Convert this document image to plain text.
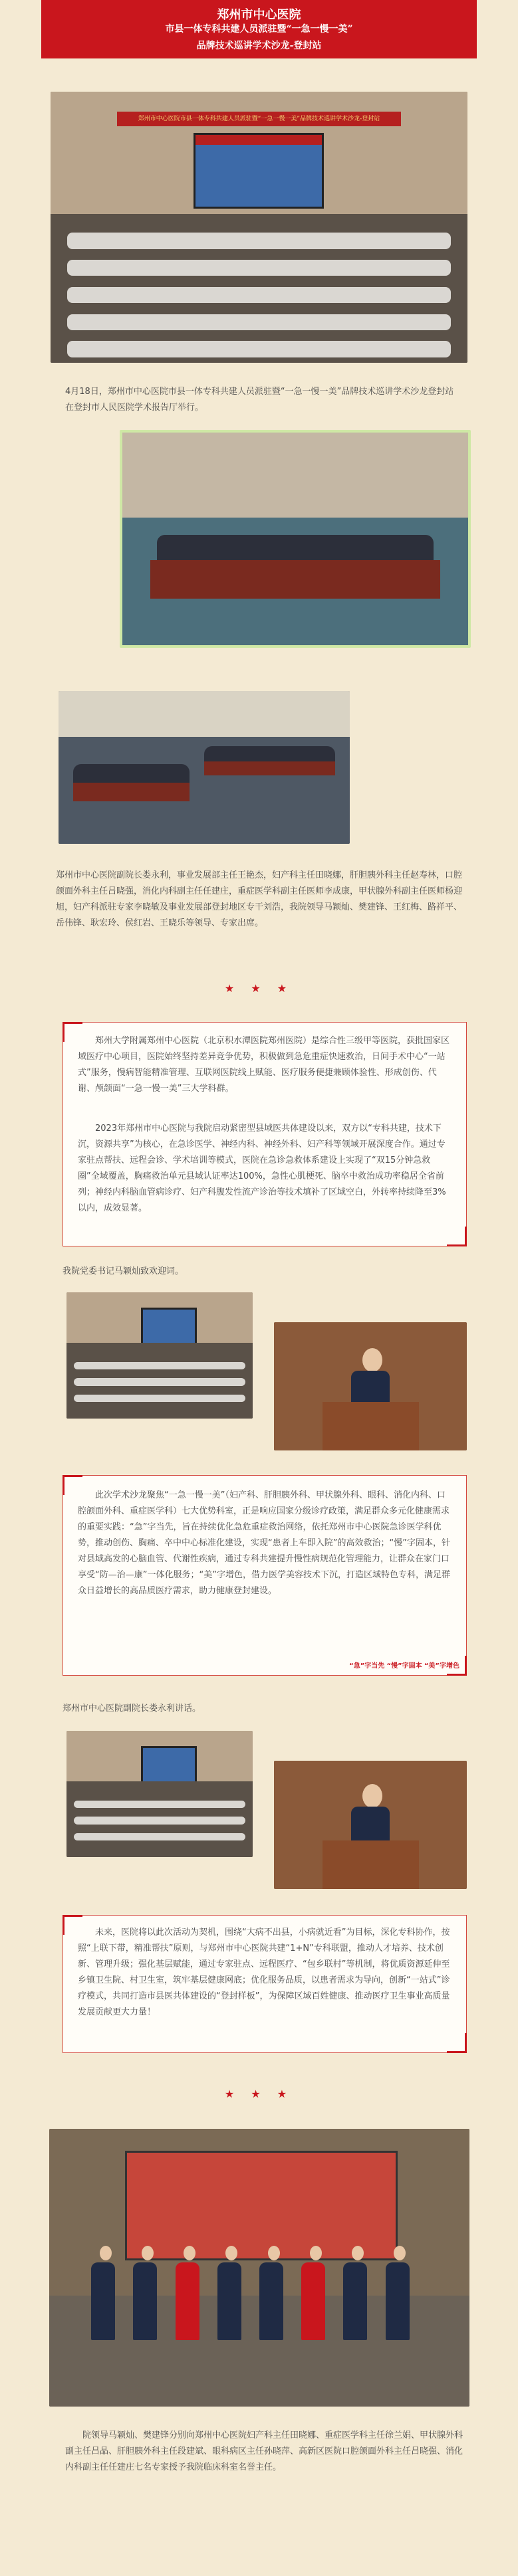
郑州市中心医院
市县一体专科共建人员派驻暨“一急一慢一美”
品牌技术巡讲学术沙龙-登封站
郑州市中心医院市县一体专科共建人员派驻暨“一急一慢一美”品牌技术巡讲学术沙龙-登封站
4月18日，郑州市中心医院市县一体专科共建人员派驻暨“一急一慢一美”品牌技术巡讲学术沙龙登封站在登封市人民医院学术报告厅举行。
郑州市中心医院副院长娄永利，事业发展部主任王艳杰，妇产科主任田晓娜，肝胆胰外科主任赵寿林，口腔颌面外科主任吕晓强，消化内科副主任任建庄，重症医学科副主任医师李成康，甲状腺外科副主任医师杨迎旭，妇产科派驻专家李晓敏及事业发展部登封地区专干刘浩，我院领导马颖灿、樊建锋、王红梅、路祥平、岳伟锋、耿宏玲、侯红岩、王晓乐等领导、专家出席。
★ ★ ★
郑州大学附属郑州中心医院（北京积水潭医院郑州医院）是综合性三级甲等医院，获批国家区域医疗中心项目，医院始终坚持差异竞争优势，积极做到急危重症快速救治，日间手术中心“一站式”服务，慢病智能精准管理、互联网医院线上赋能、医疗服务便捷兼顾体验性、形成创伤、代谢、颅颌面“一急一慢一美”三大学科群。
2023年郑州市中心医院与我院启动紧密型县域医共体建设以来，双方以“专科共建，技术下沉，资源共享”为核心，在急诊医学、神经内科、神经外科、妇产科等领域开展深度合作。通过专家驻点帮扶、远程会诊、学术培训等模式，医院在急诊急救体系建设上实现了“双15分钟急救圈”全域覆盖，胸痛救治单元县域认证率达100%，急性心肌梗死、脑卒中救治成功率稳居全省前列；神经内科脑血管病诊疗、妇产科腹发性流产诊治等技术填补了区域空白，外转率持续降至3%以内，成效显著。
我院党委书记马颖灿致欢迎词。
此次学术沙龙聚焦“一急一慢一美”（妇产科、肝胆胰外科、甲状腺外科、眼科、消化内科、口腔颌面外科、重症医学科）七大优势科室，正是响应国家分级诊疗政策，满足群众多元化健康需求的重要实践：“急”字当先，旨在持续优化急危重症救治网络，依托郑州市中心医院急诊医学科优势，推动创伤、胸痛、卒中中心标准化建设，实现“患者上车即入院”的高效救治；“慢”字固本，针对县域高发的心脑血管、代谢性疾病，通过专科共建提升慢性病规范化管理能力，让群众在家门口享受“防—治—康”一体化服务；“美”字增色，借力医学美容技术下沉，打造区域特色专科，满足群众日益增长的高品质医疗需求，助力健康登封建设。
“急”字当先 “慢”字固本 “美”字增色
郑州市中心医院副院长娄永利讲话。
未来，医院将以此次活动为契机，围绕“大病不出县，小病就近看”为目标，深化专科协作，按照“上联下带，精准帮扶”原则，与郑州市中心医院共建“1+N”专科联盟，推动人才培养、技术创新、管理升级；强化基层赋能，通过专家驻点、远程医疗、“包乡联村”等机制，将优质资源延伸至乡镇卫生院、村卫生室，筑牢基层健康网底；优化服务品质，以患者需求为导向，创新“一站式”诊疗模式，共同打造市县医共体建设的“登封样板”，为保障区域百姓健康、推动医疗卫生事业高质量发展贡献更大力量！
★ ★ ★
院领导马颖灿、樊建锋分别向郑州中心医院妇产科主任田晓娜、重症医学科主任徐兰娟、甲状腺外科副主任吕晶、肝胆胰外科主任段建斌、眼科病区主任孙晓萍、高新区医院口腔颌面外科主任吕晓强、消化内科副主任任建庄七名专家授予我院临床科室名誉主任。
